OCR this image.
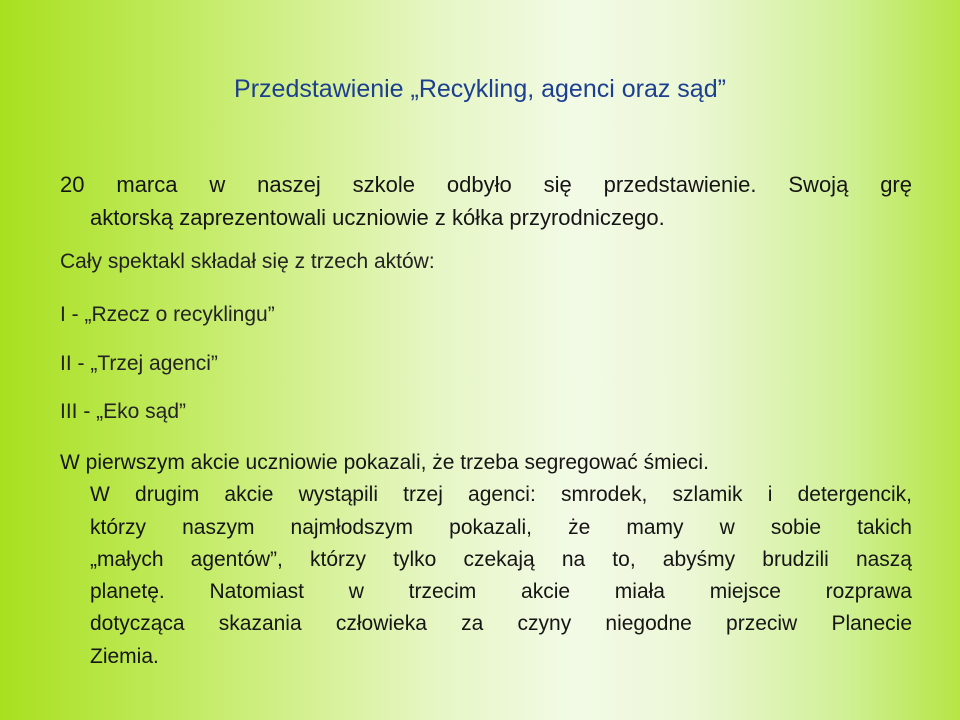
Przedstawienie „Recykling, agenci oraz sąd”
20 marca w naszej szkole odbyło się przedstawienie. Swoją grę
aktorską zaprezentowali uczniowie z kółka przyrodniczego.
Cały spektakl składał się z trzech aktów:
I - „Rzecz o recyklingu”
II - „Trzej agenci”
III - „Eko sąd”
W pierwszym akcie uczniowie pokazali, że trzeba segregować śmieci.
W drugim akcie wystąpili trzej agenci: smrodek, szlamik i detergencik,
którzy naszym najmłodszym pokazali, że mamy w sobie takich
„małych agentów”, którzy tylko czekają na to, abyśmy brudzili naszą
planetę. Natomiast w trzecim akcie miała miejsce rozprawa
dotycząca skazania człowieka za czyny niegodne przeciw Planecie
Ziemia.
